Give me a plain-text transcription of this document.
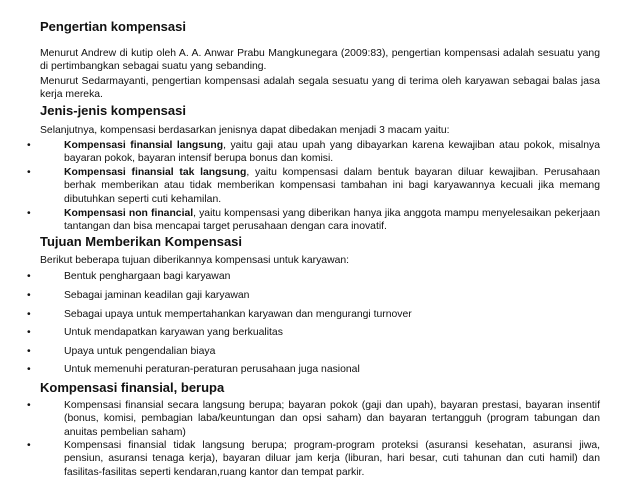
Pengertian kompensasi
Menurut Andrew di kutip oleh A. A. Anwar Prabu Mangkunegara (2009:83), pengertian kompensasi adalah sesuatu yang di pertimbangkan sebagai suatu yang sebanding.
Menurut Sedarmayanti, pengertian kompensasi adalah segala sesuatu yang di terima oleh karyawan sebagai balas jasa kerja mereka.
Jenis-jenis kompensasi
Selanjutnya, kompensasi berdasarkan jenisnya dapat dibedakan menjadi 3 macam yaitu:
•	Kompensasi finansial langsung, yaitu gaji atau upah yang dibayarkan karena kewajiban atau pokok, misalnya bayaran pokok, bayaran intensif berupa bonus dan komisi.
•	Kompensasi finansial tak langsung, yaitu kompensasi dalam bentuk bayaran diluar kewajiban. Perusahaan berhak memberikan atau tidak memberikan kompensasi tambahan ini bagi karyawannya kecuali jika memang dibutuhkan seperti cuti kehamilan.
•	Kompensasi non financial, yaitu kompensasi yang diberikan hanya jika anggota mampu menyelesaikan pekerjaan tantangan dan bisa mencapai target perusahaan dengan cara inovatif.
Tujuan Memberikan Kompensasi
Berikut beberapa tujuan diberikannya kompensasi untuk karyawan:
•	Bentuk penghargaan bagi karyawan
•	Sebagai jaminan keadilan gaji karyawan
•	Sebagai upaya untuk mempertahankan karyawan dan mengurangi turnover
•	Untuk mendapatkan karyawan yang berkualitas
•	Upaya untuk pengendalian biaya
•	Untuk memenuhi peraturan-peraturan perusahaan juga nasional
Kompensasi finansial, berupa
•	Kompensasi finansial secara langsung berupa; bayaran pokok (gaji dan upah), bayaran prestasi, bayaran insentif (bonus, komisi, pembagian laba/keuntungan dan opsi saham) dan bayaran tertangguh (program tabungan dan anuitas pembelian saham)
•	Kompensasi finansial tidak langsung berupa; program-program proteksi (asuransi kesehatan, asuransi jiwa, pensiun, asuransi tenaga kerja), bayaran diluar jam kerja (liburan, hari besar, cuti tahunan dan cuti hamil) dan fasilitas-fasilitas seperti kendaran,ruang kantor dan tempat parkir.
